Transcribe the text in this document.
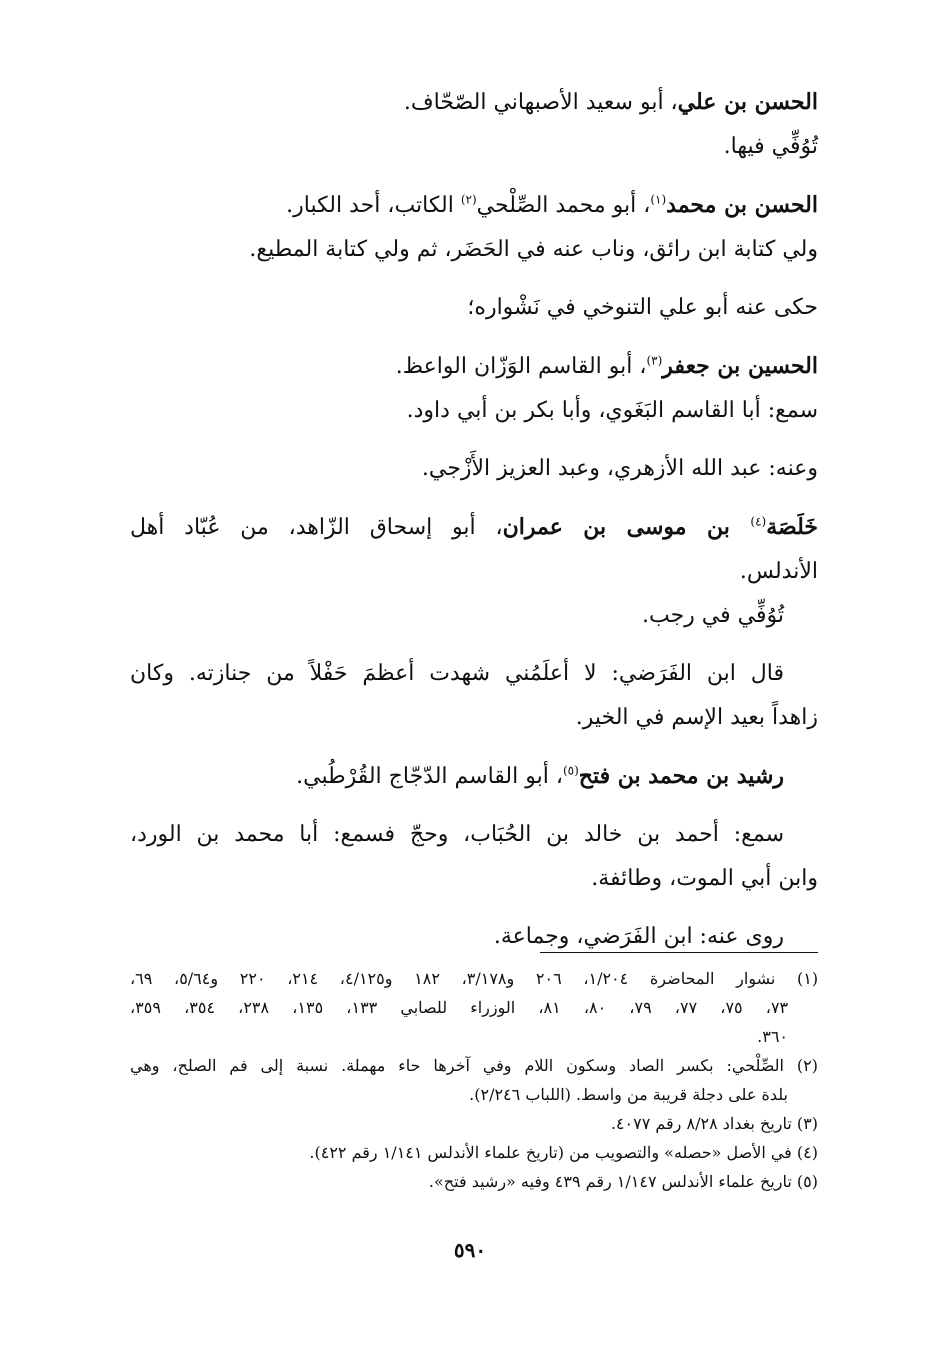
الحسن بن علي، أبو سعيد الأصبهاني الصّحّاف.
تُوُفِّي فيها.
الحسن بن محمد$^{(١)}$، أبو محمد الصِّلْحي$^{(٢)}$ الكاتب، أحد الكبار.
ولي كتابة ابن رائق، وناب عنه في الحَضَر، ثم ولي كتابة المطيع.
حكى عنه أبو علي التنوخي في نَشْواره؛
الحسين بن جعفر$^{(٣)}$، أبو القاسم الوَزّان الواعظ.
سمع: أبا القاسم البَغَوي، وأبا بكر بن أبي داود.
وعنه: عبد الله الأزهري، وعبد العزيز الأَزْجي.
خَلَصَة$^{(٤)}$ بن موسى بن عمران، أبو إسحاق الزّاهد، من عُبّاد أهل
الأندلس.
تُوُفِّي في رجب.
قال ابن الفَرَضي: لا أعلَمُني شهدت أعظمَ حَفْلاً من جنازته. وكان
زاهداً بعيد الإسم في الخير.
رشيد بن محمد بن فتح$^{(٥)}$، أبو القاسم الدّجّاج القُرْطُبي.
سمع: أحمد بن خالد بن الحُبَاب، وحجّ فسمع: أبا محمد بن الورد،
وابن أبي الموت، وطائفة.
روى عنه: ابن الفَرَضي، وجماعة.
(١) نشوار المحاضرة ١/٢٠٤، ٢٠٦ و٣/١٧٨، ١٨٢ و٤/١٢٥، ٢١٤، ٢٢٠ و٥/٦٤، ٦٩،
٧٣، ٧٥، ٧٧، ٧٩، ٨٠، ٨١، الوزراء للصابي ١٣٣، ١٣٥، ٢٣٨، ٣٥٤، ٣٥٩،
٣٦٠.
(٢) الصِّلْحي: بكسر الصاد وسكون اللام وفي آخرها حاء مهملة. نسبة إلى فم الصلح، وهي
بلدة على دجلة قريبة من واسط. (اللباب ٢/٢٤٦).
(٣) تاريخ بغداد ٨/٢٨ رقم ٤٠٧٧.
(٤) في الأصل «حصله» والتصويب من (تاريخ علماء الأندلس ١/١٤١ رقم ٤٢٢).
(٥) تاريخ علماء الأندلس ١/١٤٧ رقم ٤٣٩ وفيه «رشيد فتح».
٥٩٠
